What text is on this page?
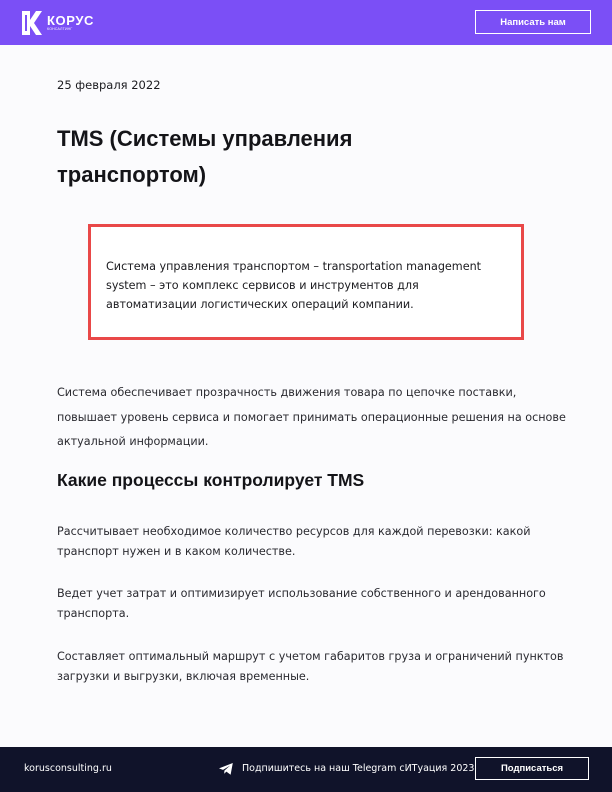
КОРУС
КОНСАЛТИНГ
Написать нам
25 февраля 2022
TMS (Системы управления транспортом)

Система управления транспортом – transportation management system – это комплекс сервисов и инструментов для автоматизации логистических операций компании.

Система обеспечивает прозрачность движения товара по цепочке поставки, повышает уровень сервиса и помогает принимать операционные решения на основе актуальной информации.

Какие процессы контролирует TMS

Рассчитывает необходимое количество ресурсов для каждой перевозки: какой транспорт нужен и в каком количестве.

Ведет учет затрат и оптимизирует использование собственного и арендованного транспорта.

Составляет оптимальный маршрут с учетом габаритов груза и ограничений пунктов загрузки и выгрузки, включая временные.

korusconsulting.ru	Подпишитесь на наш Telegram сИТуация 2023	Подписаться
